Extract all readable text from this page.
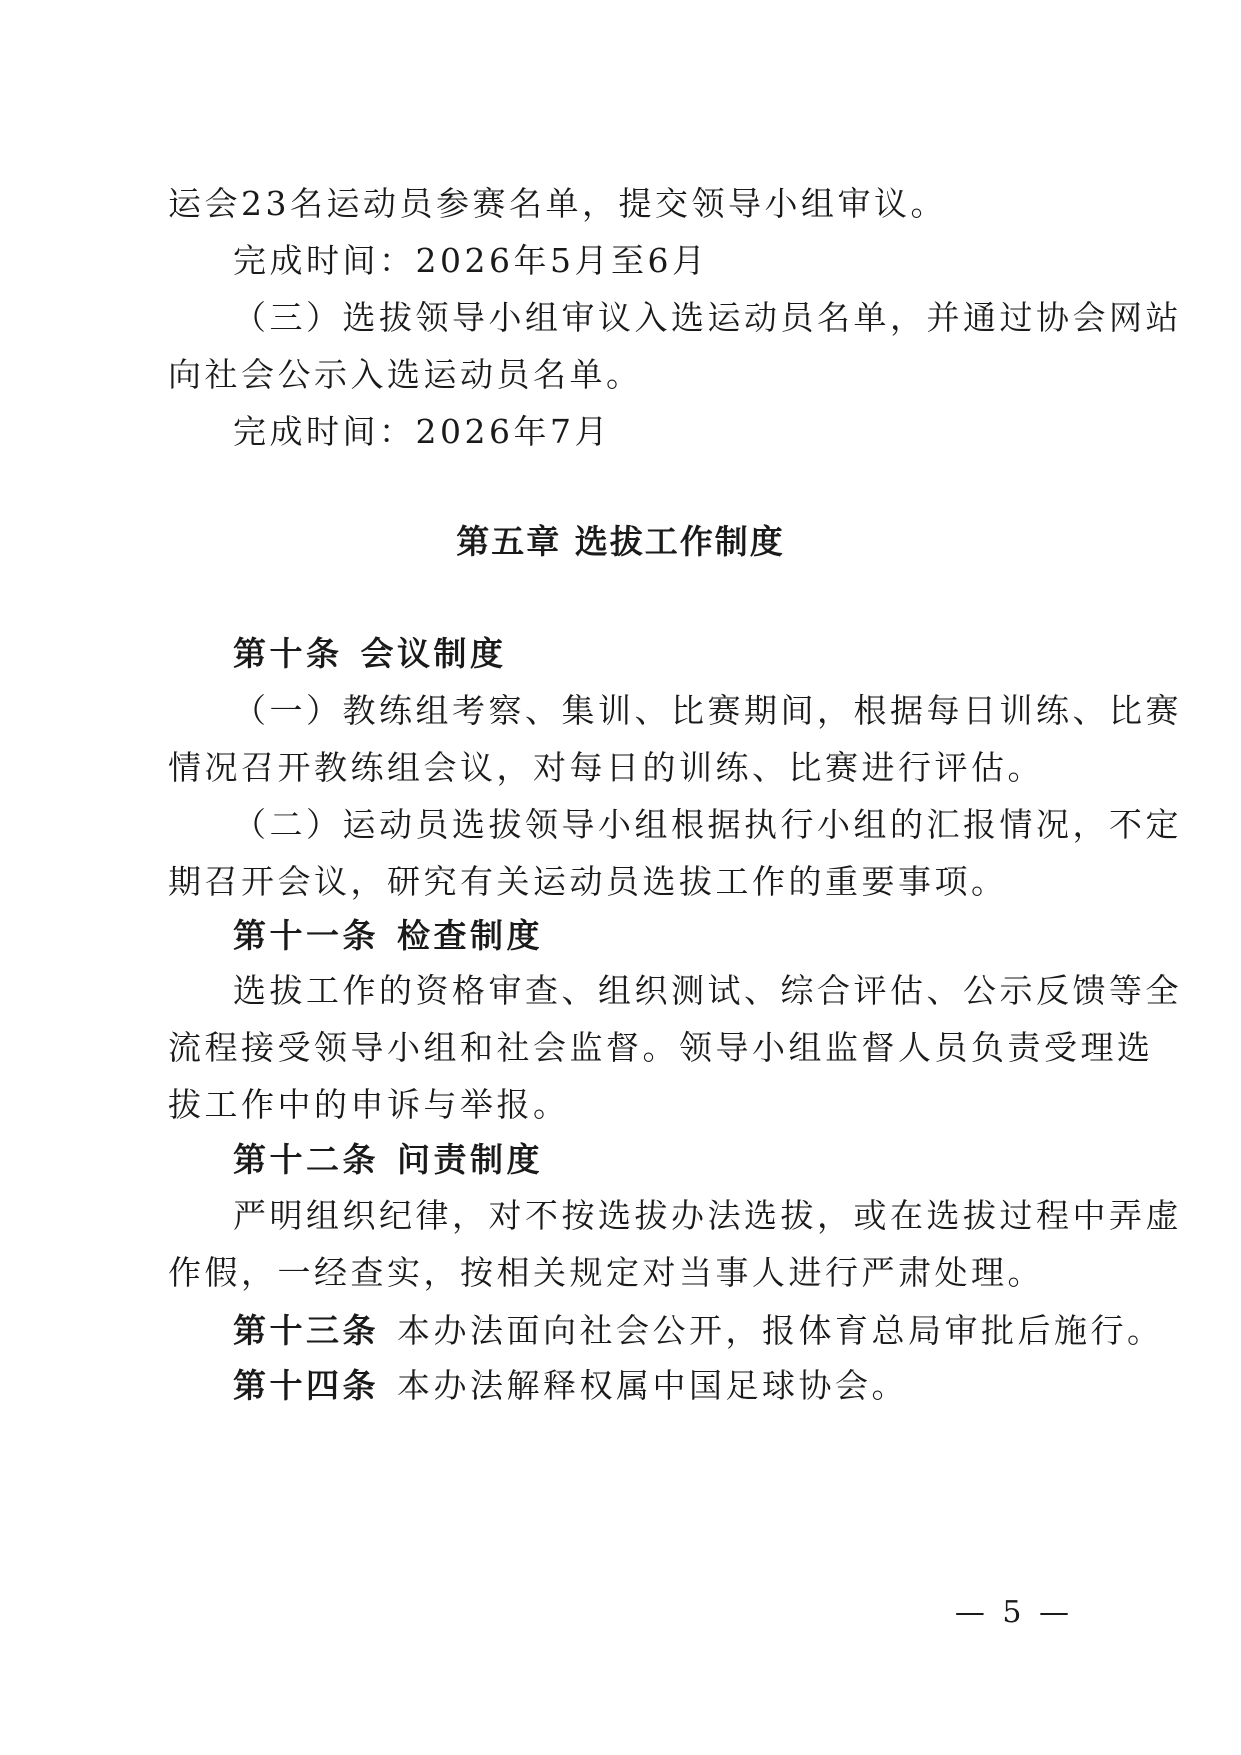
运会23名运动员参赛名单，提交领导小组审议。
完成时间：2026年5月至6月
（三）选拔领导小组审议入选运动员名单，并通过协会网站
向社会公示入选运动员名单。
完成时间：2026年7月
第五章 选拔工作制度
第十条 会议制度
（一）教练组考察、集训、比赛期间，根据每日训练、比赛
情况召开教练组会议，对每日的训练、比赛进行评估。
（二）运动员选拔领导小组根据执行小组的汇报情况，不定
期召开会议，研究有关运动员选拔工作的重要事项。
第十一条 检查制度
选拔工作的资格审查、组织测试、综合评估、公示反馈等全
流程接受领导小组和社会监督。领导小组监督人员负责受理选
拔工作中的申诉与举报。
第十二条 问责制度
严明组织纪律，对不按选拔办法选拔，或在选拔过程中弄虚
作假，一经查实，按相关规定对当事人进行严肃处理。
第十三条 本办法面向社会公开，报体育总局审批后施行。
第十四条 本办法解释权属中国足球协会。
— 5 —
